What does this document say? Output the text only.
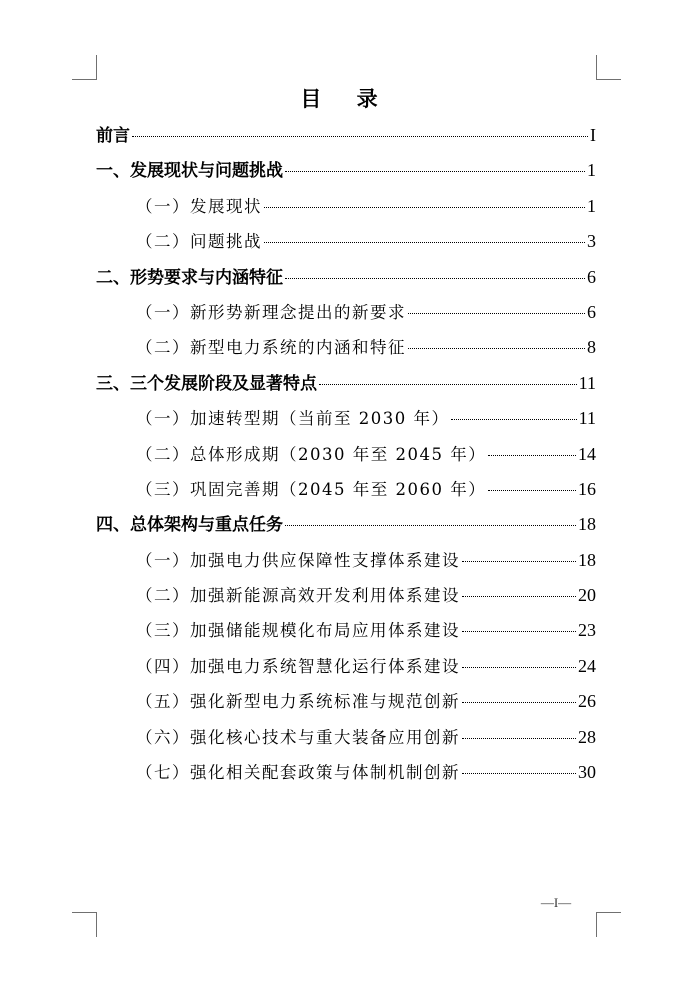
目 录
前言	I
一、发展现状与问题挑战	1
（一）发展现状	1
（二）问题挑战	3
二、形势要求与内涵特征	6
（一）新形势新理念提出的新要求	6
（二）新型电力系统的内涵和特征	8
三、三个发展阶段及显著特点	11
（一）加速转型期（当前至 2030 年）	11
（二）总体形成期（2030 年至 2045 年）	14
（三）巩固完善期（2045 年至 2060 年）	16
四、总体架构与重点任务	18
（一）加强电力供应保障性支撑体系建设	18
（二）加强新能源高效开发利用体系建设	20
（三）加强储能规模化布局应用体系建设	23
（四）加强电力系统智慧化运行体系建设	24
（五）强化新型电力系统标准与规范创新	26
（六）强化核心技术与重大装备应用创新	28
（七）强化相关配套政策与体制机制创新	30
—I—
